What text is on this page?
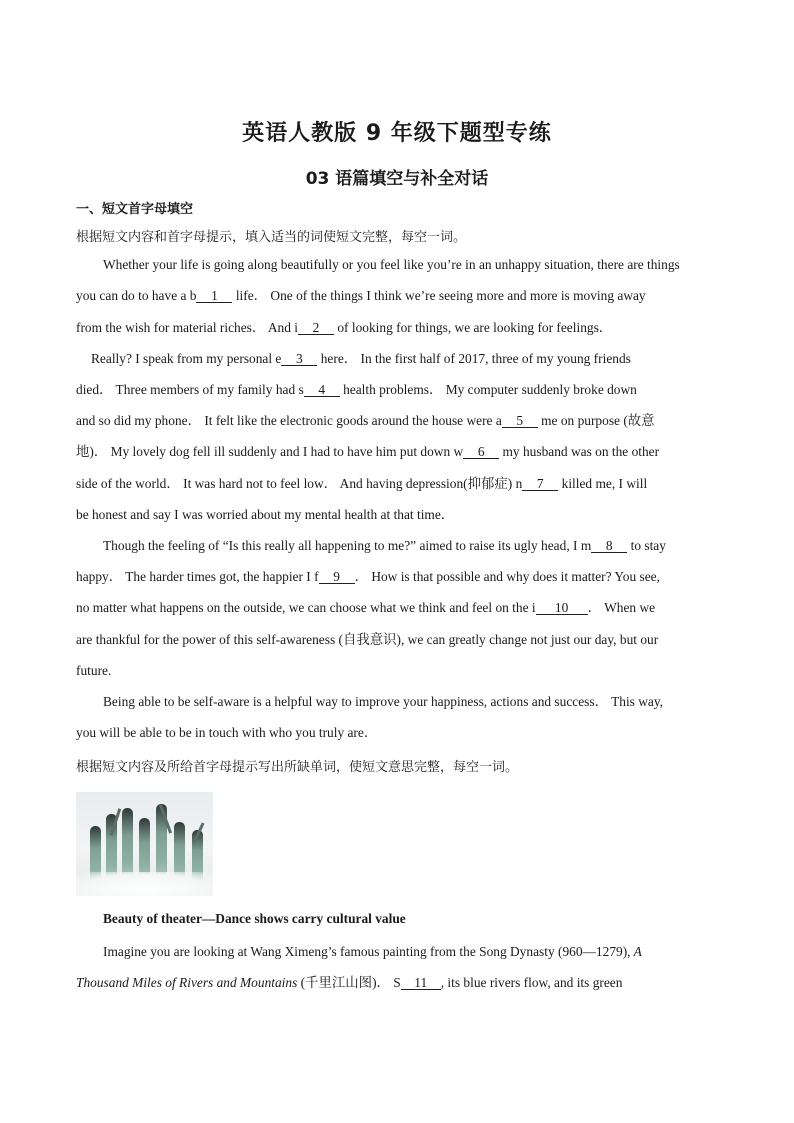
英语人教版 9 年级下题型专练
03 语篇填空与补全对话
一、短文首字母填空
根据短文内容和首字母提示，填入适当的词使短文完整，每空一词。
Whether your life is going along beautifully or you feel like you’re in an unhappy situation, there are things
you can do to have a b 1 life． One of the things I think we’re seeing more and more is moving away
from the wish for material riches． And i 2 of looking for things, we are looking for feelings．
Really? I speak from my personal e 3 here． In the first half of 2017, three of my young friends
died． Three members of my family had s 4 health problems． My computer suddenly broke down
and so did my phone． It felt like the electronic goods around the house were a 5 me on purpose (故意
地)． My lovely dog fell ill suddenly and I had to have him put down w 6 my husband was on the other
side of the world． It was hard not to feel low． And having depression(抑郁症) n 7 killed me, I will
be honest and say I was worried about my mental health at that time．
Though the feeling of “Is this really all happening to me?” aimed to raise its ugly head, I m 8 to stay
happy． The harder times got, the happier I f 9 ． How is that possible and why does it matter? You see,
no matter what happens on the outside, we can choose what we think and feel on the i 10 ． When we
are thankful for the power of this self-awareness (自我意识), we can greatly change not just our day, but our
future.
Being able to be self-aware is a helpful way to improve your happiness, actions and success． This way,
you will be able to be in touch with who you truly are．
根据短文内容及所给首字母提示写出所缺单词，使短文意思完整，每空一词。
Beauty of theater—Dance shows carry cultural value
Imagine you are looking at Wang Ximeng’s famous painting from the Song Dynasty (960—1279), A
Thousand Miles of Rivers and Mountains (千里江山图)． S 11 , its blue rivers flow, and its green
